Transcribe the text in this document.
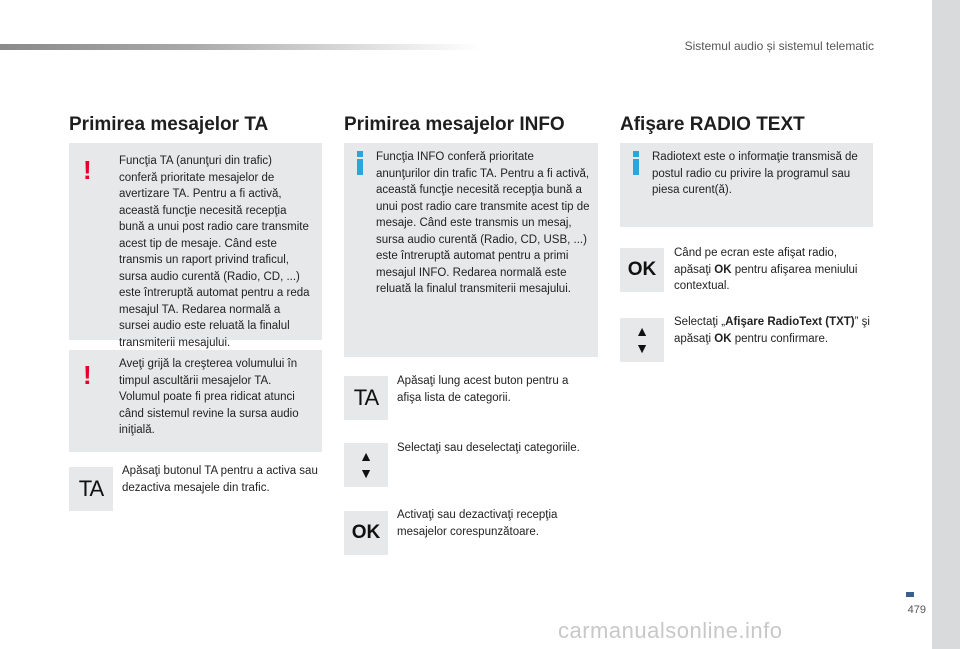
Sistemul audio și sistemul telematic
479
carmanualsonline.info
Primirea mesajelor TA
! Funcţia TA (anunţuri din trafic) conferă prioritate mesajelor de avertizare TA. Pentru a fi activă, această funcţie necesită recepţia bună a unui post radio care transmite acest tip de mesaje. Când este transmis un raport privind traficul, sursa audio curentă (Radio, CD, ...) este întreruptă automat pentru a reda mesajul TA. Redarea normală a sursei audio este reluată la finalul transmiterii mesajului.

! Aveţi grijă la creşterea volumului în timpul ascultării mesajelor TA. Volumul poate fi prea ridicat atunci când sistemul revine la sursa audio iniţială.

TA

Apăsaţi butonul TA pentru a activa sau dezactiva mesajele din trafic.

Primirea mesajelor INFO

Funcţia INFO conferă prioritate anunţurilor din trafic TA. Pentru a fi activă, această funcţie necesită recepţia bună a unui post radio care transmite acest tip de mesaje. Când este transmis un mesaj, sursa audio curentă (Radio, CD, USB, ...) este întreruptă automat pentru a primi mesajul INFO. Redarea normală este reluată la finalul transmiterii mesajului.

TA

Apăsaţi lung acest buton pentru a afişa lista de categorii.

▲
▼

Selectaţi sau deselectaţi categoriile.

OK

Activaţi sau dezactivaţi recepţia mesajelor corespunzătoare.

Afişare RADIO TEXT

Radiotext este o informaţie transmisă de postul radio cu privire la programul sau piesa curent(ă).

OK

Când pe ecran este afişat radio, apăsaţi OK pentru afişarea meniului contextual.

▲
▼

Selectaţi „Afişare RadioText (TXT)” şi apăsaţi OK pentru confirmare.
